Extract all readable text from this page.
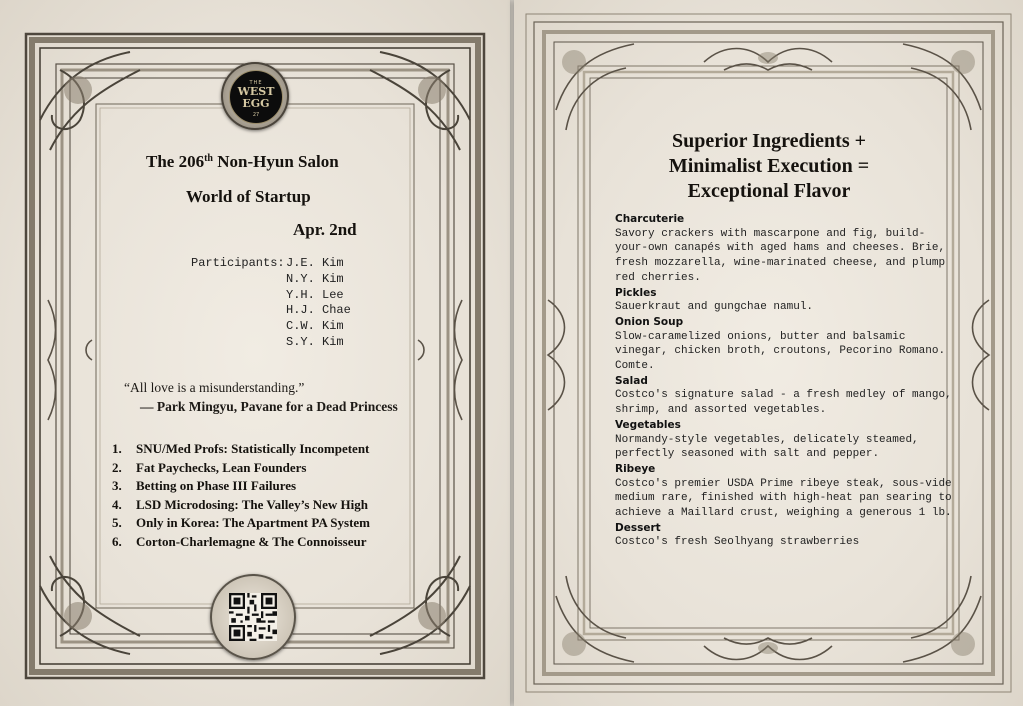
THE
WEST
EGG
27
The 206th Non-Hyun Salon
World of Startup
Apr. 2nd
Participants: J.E. Kim
N.Y. Kim
Y.H. Lee
H.J. Chae
C.W. Kim
S.Y. Kim
“All love is a misunderstanding.”
— Park Mingyu, Pavane for a Dead Princess
1. SNU/Med Profs: Statistically Incompetent
2. Fat Paychecks, Lean Founders
3. Betting on Phase III Failures
4. LSD Microdosing: The Valley’s New High
5. Only in Korea: The Apartment PA System
6. Corton-Charlemagne & The Connoisseur
Superior Ingredients +
Minimalist Execution =
Exceptional Flavor
Charcuterie
Savory crackers with mascarpone and fig, build-
your-own canapés with aged hams and cheeses. Brie,
fresh mozzarella, wine-marinated cheese, and plump
red cherries.
Pickles
Sauerkraut and gungchae namul.
Onion Soup
Slow-caramelized onions, butter and balsamic
vinegar, chicken broth, croutons, Pecorino Romano.
Comte.
Salad
Costco's signature salad - a fresh medley of mango,
shrimp, and assorted vegetables.
Vegetables
Normandy-style vegetables, delicately steamed,
perfectly seasoned with salt and pepper.
Ribeye
Costco's premier USDA Prime ribeye steak, sous-vide
medium rare, finished with high-heat pan searing to
achieve a Maillard crust, weighing a generous 1 lb.
Dessert
Costco's fresh Seolhyang strawberries
